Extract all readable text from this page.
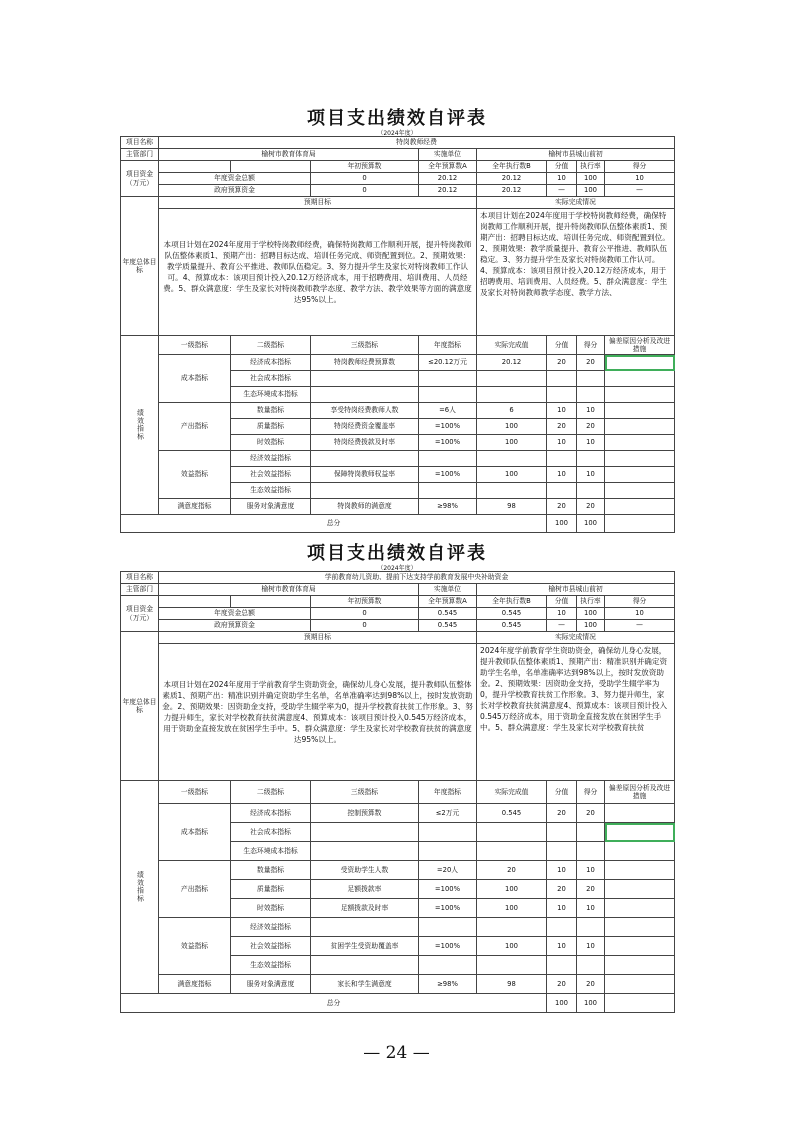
项目支出绩效自评表
（2024年度）
项目名称	特岗教师经费							
主管部门	榆树市教育体育局			实施单位	榆树市县城山前初			
项目资金（万元）			年初预算数	全年预算数A	全年执行数B	分值	执行率	得分
	年度资金总额		0	20.12	20.12	10	100	10
	政府预算资金		0	20.12	20.12	—	100	—
年度总体目标	预期目标				实际完成情况			
	本项目计划在2024年度用于学校特岗教师经费，确保特岗教师工作顺利开展，提升特岗教师队伍整体素质1、预期产出：招聘目标达成、培训任务完成、师资配置到位。2、预期效果：教学质量提升、教育公平推进、教师队伍稳定。3、努力提升学生及家长对特岗教师工作认可。4、预算成本：该项目预计投入20.12万经济成本，用于招聘费用、培训费用、人员经费。5、群众满意度：学生及家长对特岗教师教学态度、教学方法、教学效果等方面的满意度达95%以上。				本项目计划在2024年度用于学校特岗教师经费，确保特岗教师工作顺利开展，提升特岗教师队伍整体素质1、预期产出：招聘目标达成、培训任务完成、师资配置到位。2、预期效果：教学质量提升、教育公平推进、教师队伍稳定。3、努力提升学生及家长对特岗教师工作认可。4、预算成本：该项目预计投入20.12万经济成本，用于招聘费用、培训费用、人员经费。5、群众满意度：学生及家长对特岗教师教学态度、教学方法、			
绩效指标	一级指标	二级指标	三级指标	年度指标	实际完成值	分值	得分	偏差原因分析及改进措施
	成本指标	经济成本指标	特岗教师经费预算数	≤20.12万元	20.12	20	20	
		社会成本指标						
		生态环境成本指标						
	产出指标	数量指标	享受特岗经费教师人数	=6人	6	10	10	
		质量指标	特岗经费资金覆盖率	=100%	100	20	20	
		时效指标	特岗经费拨款及时率	=100%	100	10	10	
	效益指标	经济效益指标						
		社会效益指标	保障特岗教师权益率	=100%	100	10	10	
		生态效益指标						
	满意度指标	服务对象满意度	特岗教师的满意度	≥98%	98	20	20	
总分						100	100	
项目支出绩效自评表
（2024年度）
项目名称	学前教育幼儿资助、提前下达支持学前教育发展中央补助资金							
主管部门	榆树市教育体育局			实施单位	榆树市县城山前初			
项目资金（万元）			年初预算数	全年预算数A	全年执行数B	分值	执行率	得分
	年度资金总额		0	0.545	0.545	10	100	10
	政府预算资金		0	0.545	0.545	—	100	—
年度总体目标	预期目标				实际完成情况			
	本项目计划在2024年度用于学前教育学生资助资金，确保幼儿身心发展，提升教师队伍整体素质1、预期产出：精准识别并确定资助学生名单，名单准确率达到98%以上，按时发放资助金。2、预期效果：因资助金支持，受助学生辍学率为0，提升学校教育扶贫工作形象。3、努力提升师生，家长对学校教育扶贫满意度4、预算成本：该项目预计投入0.545万经济成本，用于资助金直接发放在贫困学生手中。5、群众满意度：学生及家长对学校教育扶贫的满意度达95%以上。				2024年度学前教育学生资助资金，确保幼儿身心发展，提升教师队伍整体素质1、预期产出：精准识别并确定资助学生名单，名单准确率达到98%以上，按时发放资助金。2、预期效果：因资助金支持，受助学生辍学率为0，提升学校教育扶贫工作形象。3、努力提升师生，家长对学校教育扶贫满意度4、预算成本：该项目预计投入0.545万经济成本，用于资助金直接发放在贫困学生手中。5、群众满意度：学生及家长对学校教育扶贫			
绩效指标	一级指标	二级指标	三级指标	年度指标	实际完成值	分值	得分	偏差原因分析及改进措施
	成本指标	经济成本指标	控制预算数	≤2万元	0.545	20	20	
		社会成本指标						
		生态环境成本指标						
	产出指标	数量指标	受资助学生人数	=20人	20	10	10	
		质量指标	足额拨款率	=100%	100	20	20	
		时效指标	足额拨款及时率	=100%	100	10	10	
	效益指标	经济效益指标						
		社会效益指标	贫困学生受资助覆盖率	=100%	100	10	10	
		生态效益指标						
	满意度指标	服务对象满意度	家长和学生满意度	≥98%	98	20	20	
总分						100	100	
— 24 —
